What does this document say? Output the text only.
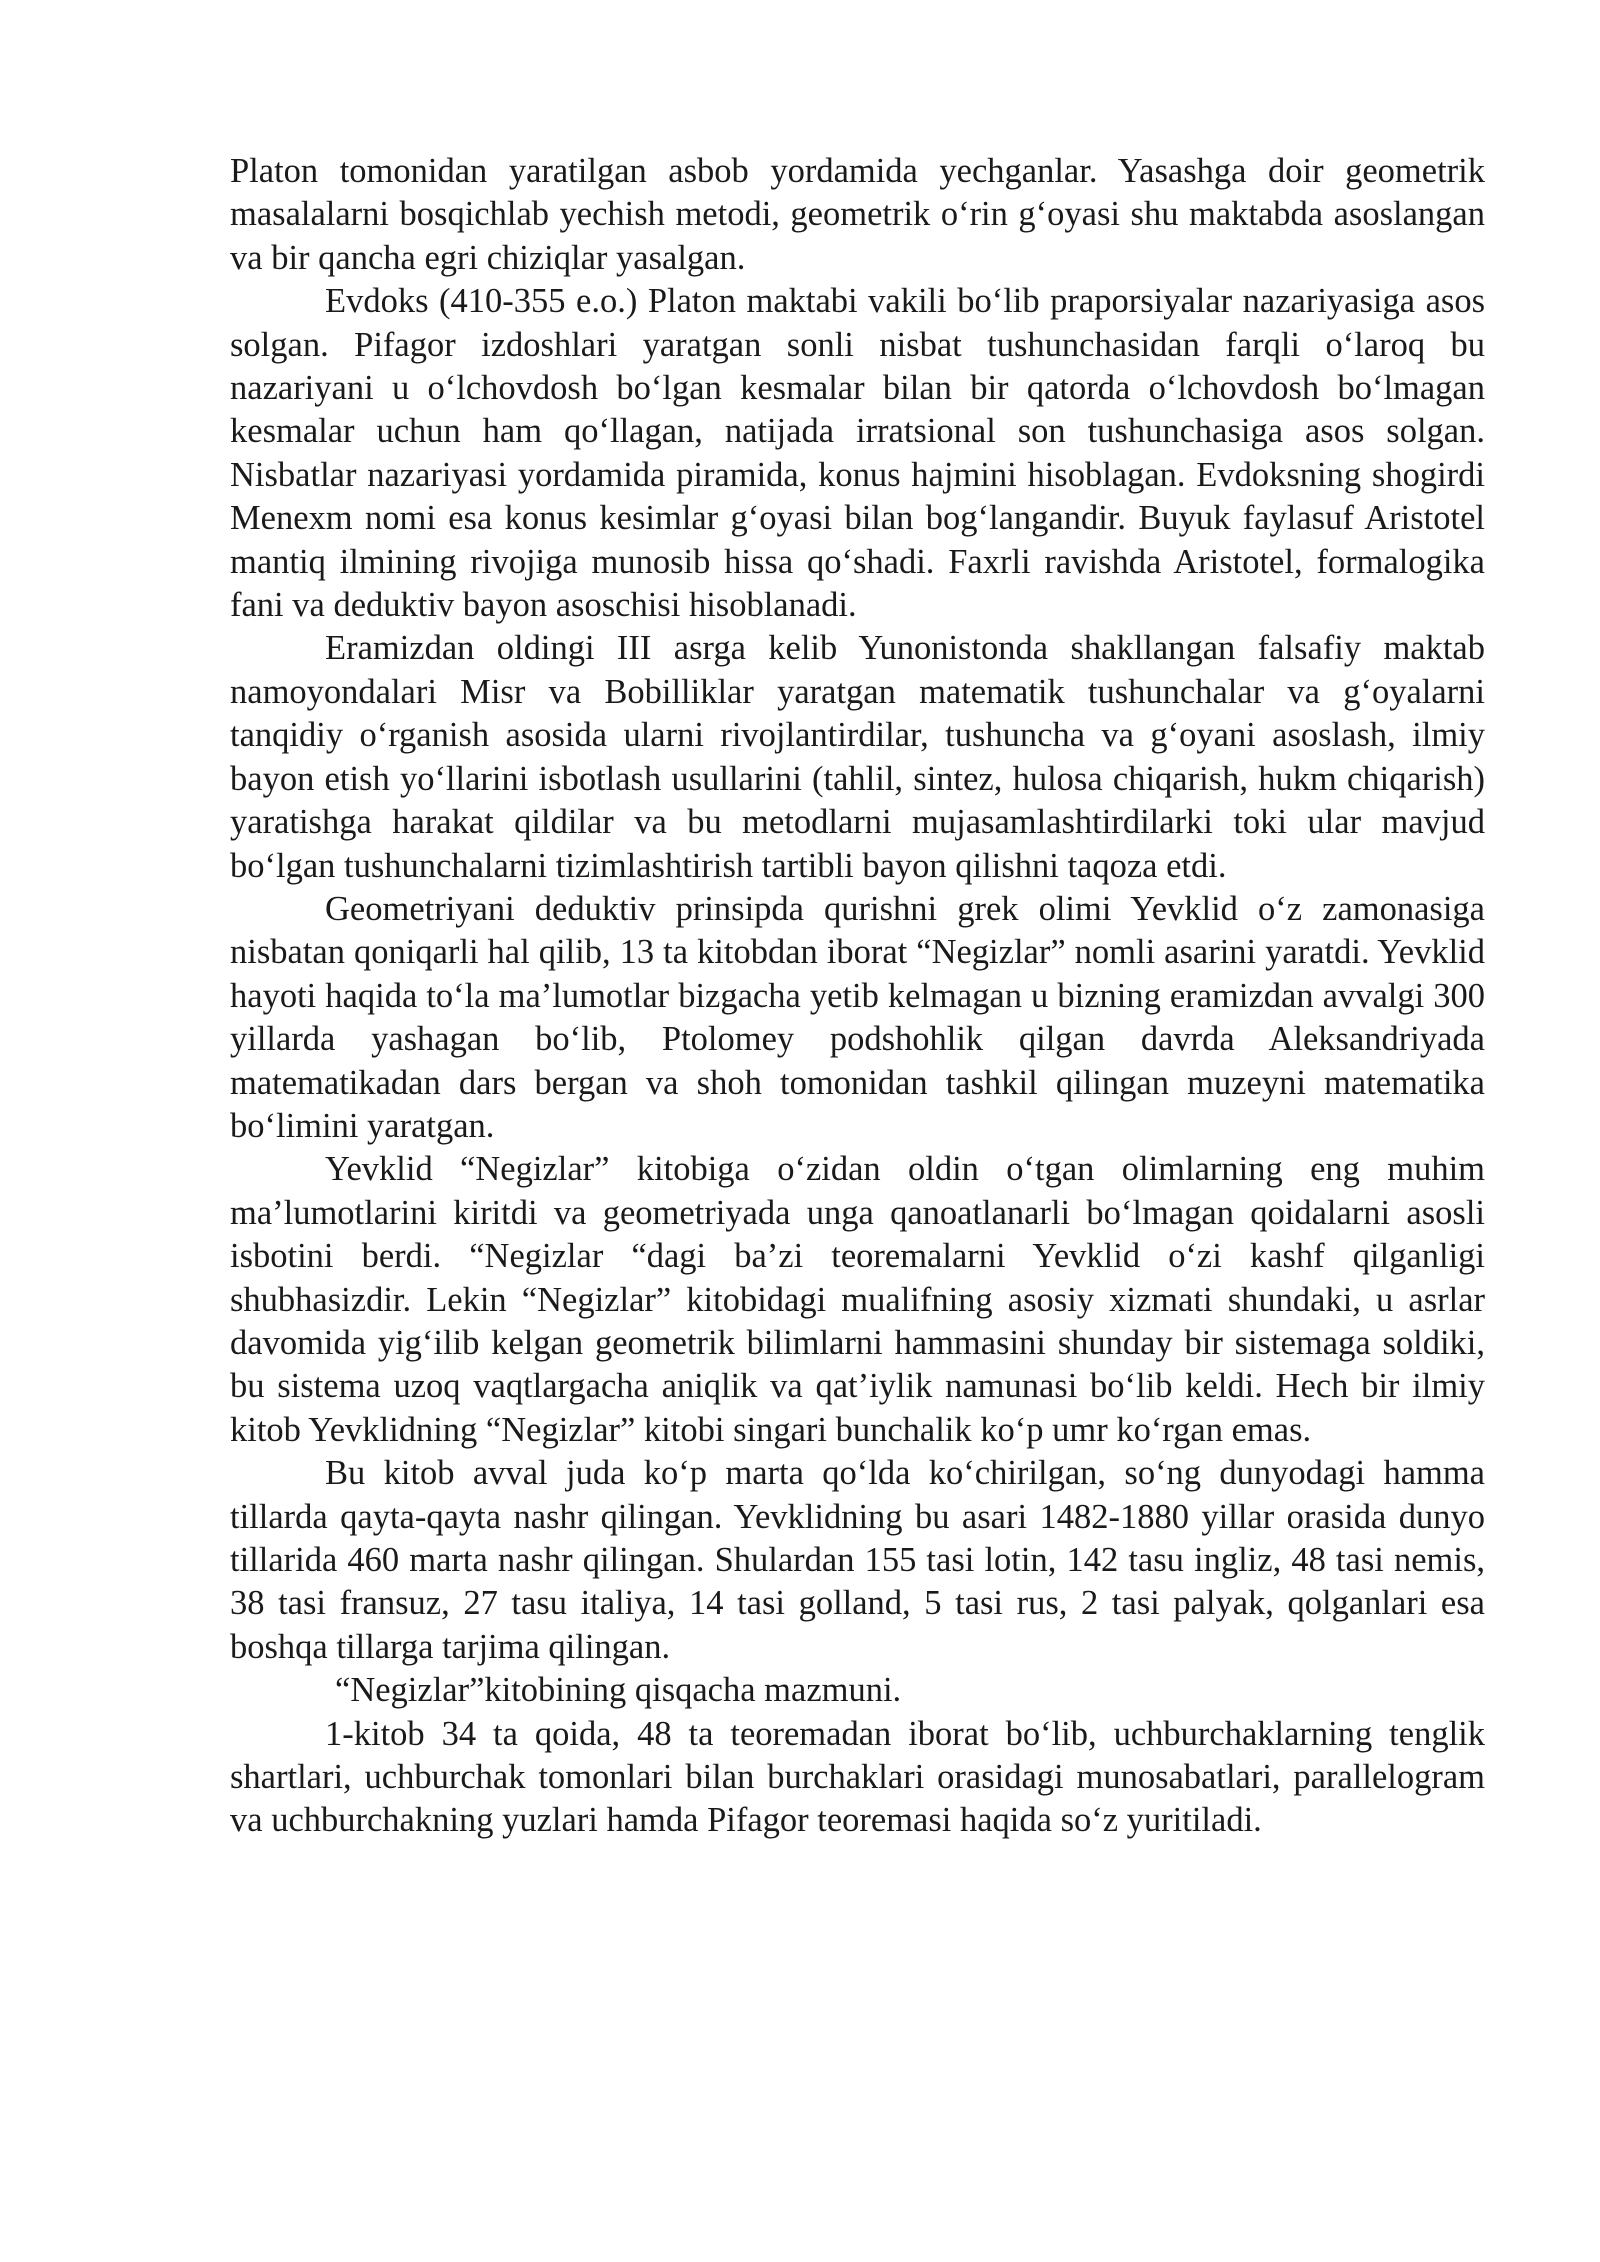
Platon tomonidan yaratilgan asbob yordamida yechganlar. Yasashga doir geometrik masalalarni bosqichlab yechish metodi, geometrik o‘rin g‘oyasi shu maktabda asoslangan va bir qancha egri chiziqlar yasalgan.

Evdoks (410-355 e.o.) Platon maktabi vakili bo‘lib praporsiyalar nazariyasiga asos solgan. Pifagor izdoshlari yaratgan sonli nisbat tushunchasidan farqli o‘laroq bu nazariyani u o‘lchovdosh bo‘lgan kesmalar bilan bir qatorda o‘lchovdosh bo‘lmagan kesmalar uchun ham qo‘llagan, natijada irratsional son tushunchasiga asos solgan. Nisbatlar nazariyasi yordamida piramida, konus hajmini hisoblagan. Evdoksning shogirdi Menexm nomi esa konus kesimlar g‘oyasi bilan bog‘langandir. Buyuk faylasuf Aristotel mantiq ilmining rivojiga munosib hissa qo‘shadi. Faxrli ravishda Aristotel, formalogika fani va deduktiv bayon asoschisi hisoblanadi.

Eramizdan oldingi III asrga kelib Yunonistonda shakllangan falsafiy maktab namoyondalari Misr va Bobilliklar yaratgan matematik tushunchalar va g‘oyalarni tanqidiy o‘rganish asosida ularni rivojlantirdilar, tushuncha va g‘oyani asoslash, ilmiy bayon etish yo‘llarini isbotlash usullarini (tahlil, sintez, hulosa chiqarish, hukm chiqarish) yaratishga harakat qildilar va bu metodlarni mujasamlashtirdilarki toki ular mavjud bo‘lgan tushunchalarni tizimlashtirish tartibli bayon qilishni taqoza etdi.

Geometriyani deduktiv prinsipda qurishni grek olimi Yevklid o‘z zamonasiga nisbatan qoniqarli hal qilib, 13 ta kitobdan iborat “Negizlar” nomli asarini yaratdi. Yevklid hayoti haqida to‘la ma’lumotlar bizgacha yetib kelmagan u bizning eramizdan avvalgi 300 yillarda yashagan bo‘lib, Ptolomey podshohlik qilgan davrda Aleksandriyada matematikadan dars bergan va shoh tomonidan tashkil qilingan muzeyni matematika bo‘limini yaratgan.

Yevklid “Negizlar” kitobiga o‘zidan oldin o‘tgan olimlarning eng muhim ma’lumotlarini kiritdi va geometriyada unga qanoatlanarli bo‘lmagan qoidalarni asosli isbotini berdi. “Negizlar “dagi ba’zi teoremalarni Yevklid o‘zi kashf qilganligi shubhasizdir. Lekin “Negizlar” kitobidagi mualifning asosiy xizmati shundaki, u asrlar davomida yig‘ilib kelgan geometrik bilimlarni hammasini shunday bir sistemaga soldiki, bu sistema uzoq vaqtlargacha aniqlik va qat’iylik namunasi bo‘lib keldi. Hech bir ilmiy kitob Yevklidning “Negizlar” kitobi singari bunchalik ko‘p umr ko‘rgan emas.

Bu kitob avval juda ko‘p marta qo‘lda ko‘chirilgan, so‘ng dunyodagi hamma tillarda qayta-qayta nashr qilingan. Yevklidning bu asari 1482-1880 yillar orasida dunyo tillarida 460 marta nashr qilingan. Shulardan 155 tasi lotin, 142 tasu ingliz, 48 tasi nemis, 38 tasi fransuz, 27 tasu italiya, 14 tasi golland, 5 tasi rus, 2 tasi palyak, qolganlari esa boshqa tillarga tarjima qilingan.

“Negizlar”kitobining qisqacha mazmuni.

1-kitob 34 ta qoida, 48 ta teoremadan iborat bo‘lib, uchburchaklarning tenglik shartlari, uchburchak tomonlari bilan burchaklari orasidagi munosabatlari, parallelogram va uchburchakning yuzlari hamda Pifagor teoremasi haqida so‘z yuritiladi.
